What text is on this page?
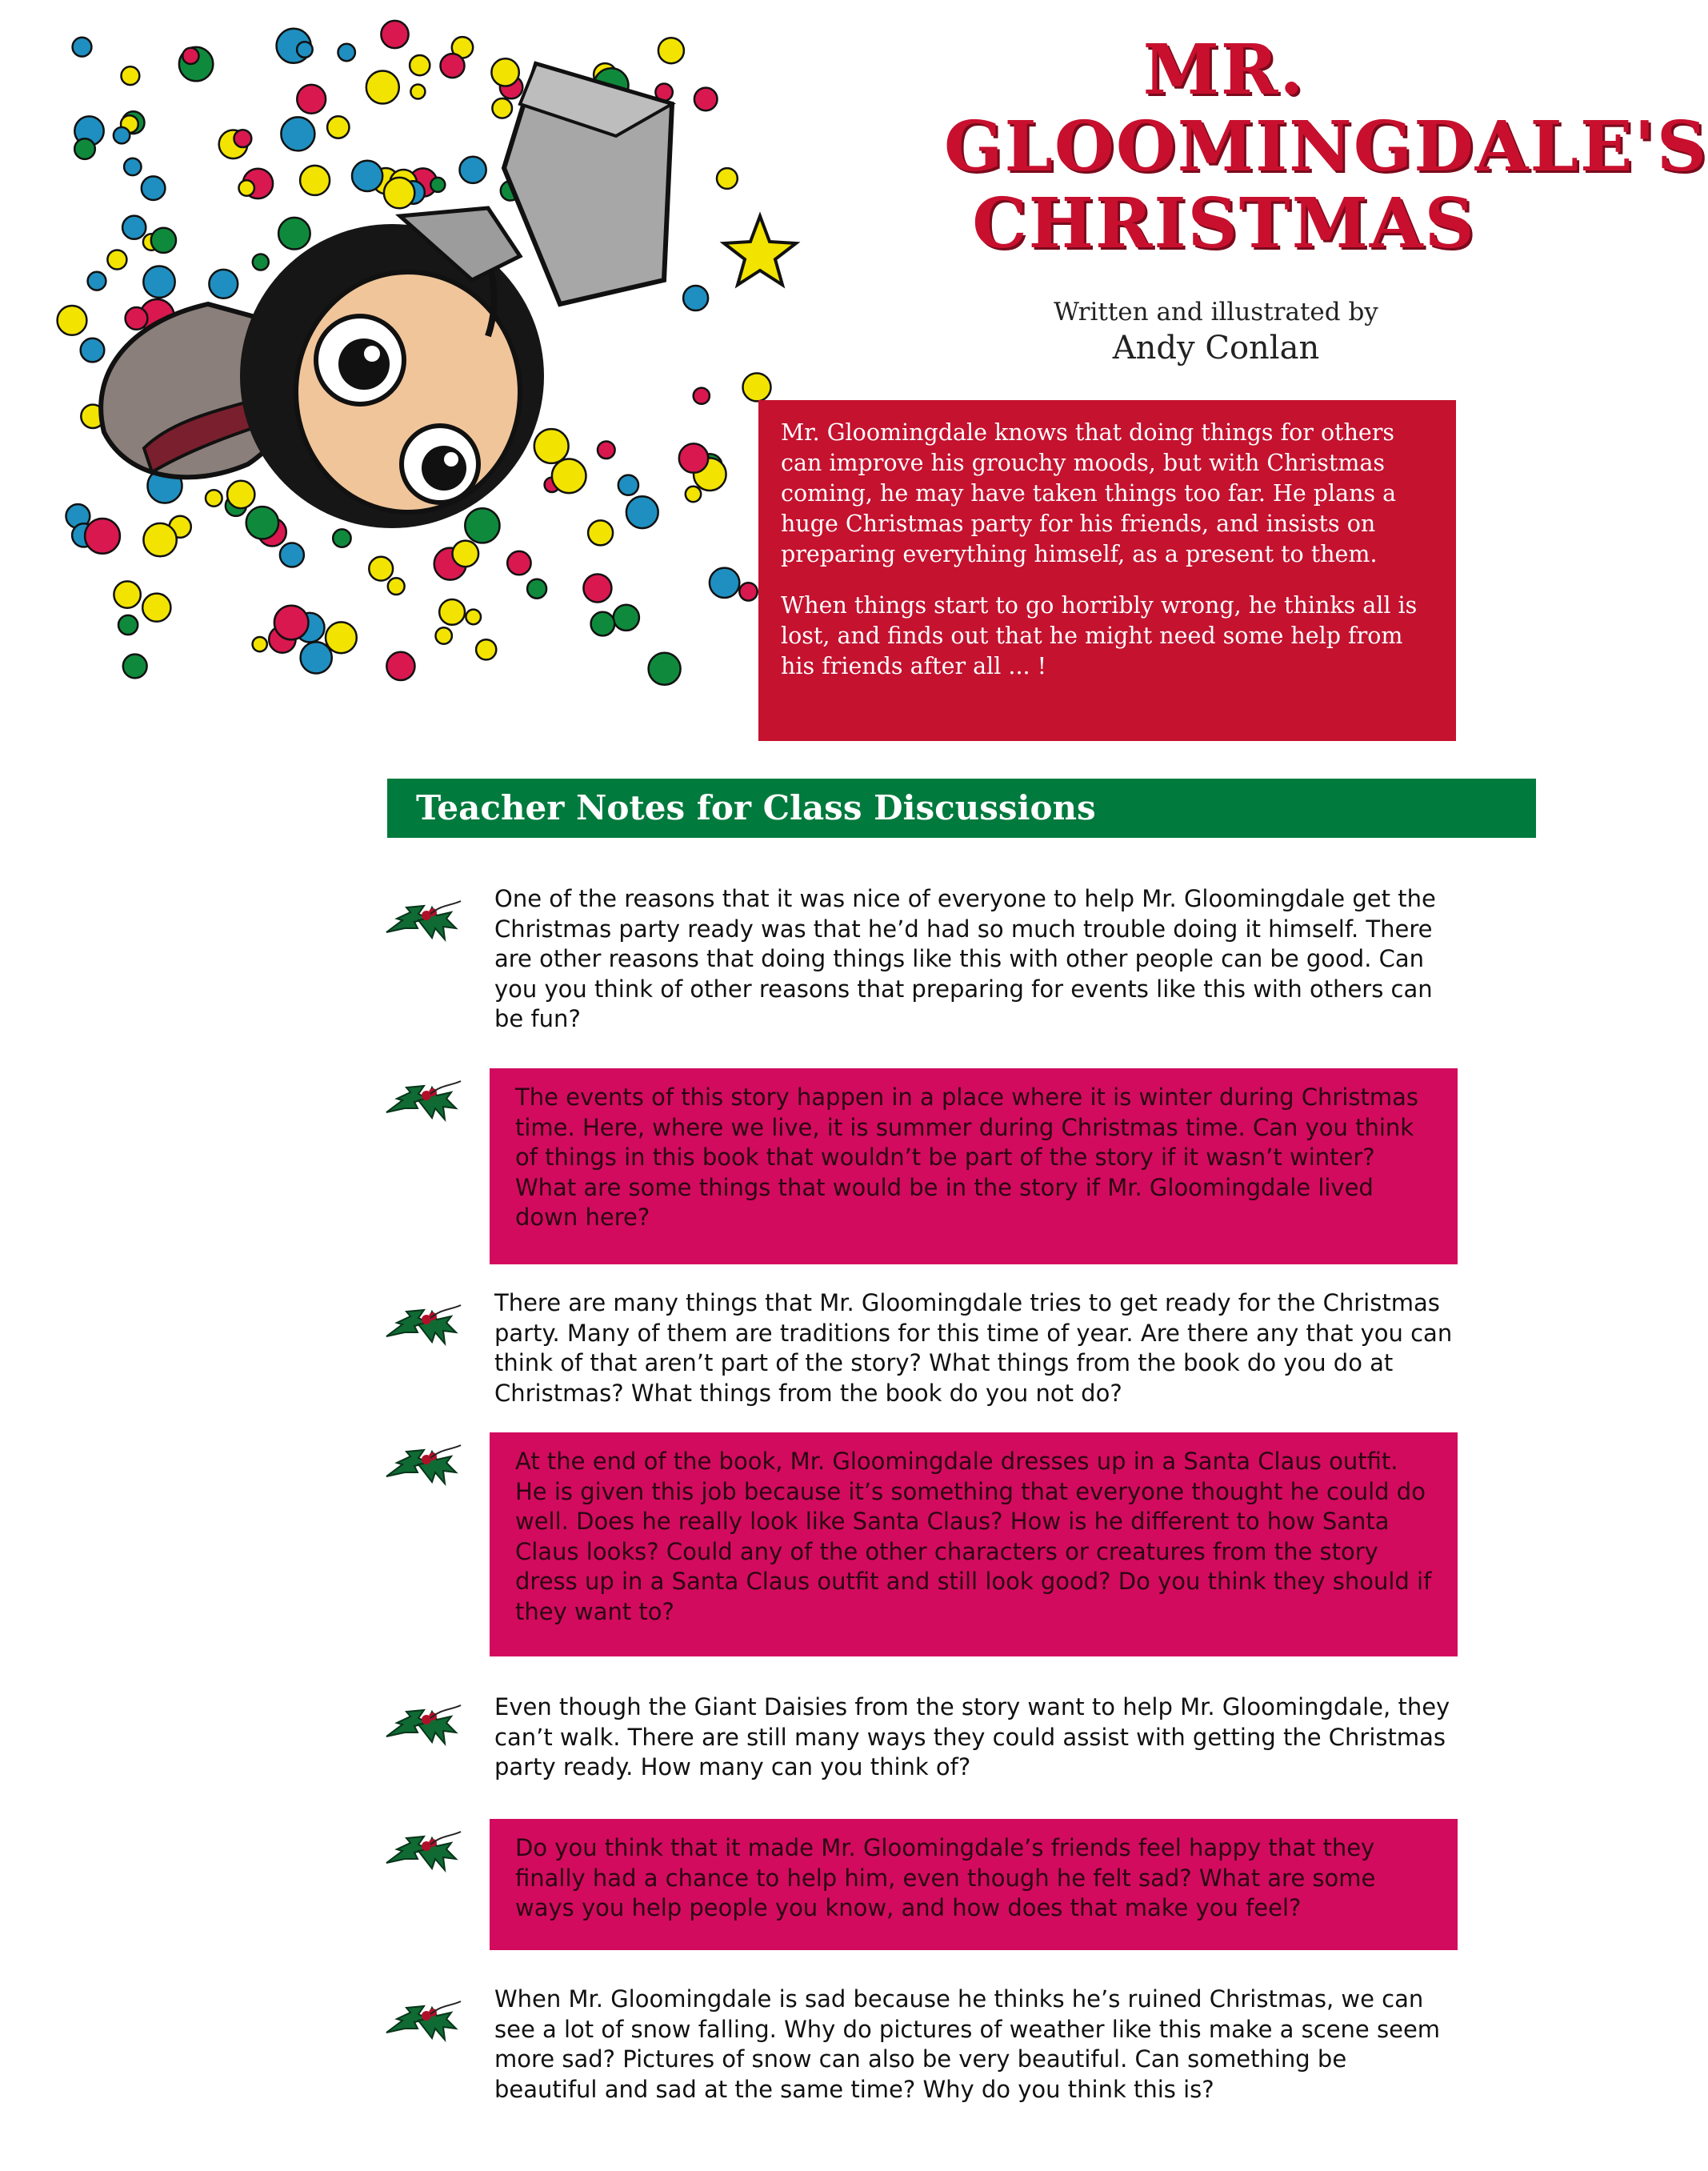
MR.
GLOOMINGDALE'S
CHRISTMAS
Written and illustrated by
Andy Conlan

Mr. Gloomingdale knows that doing things for others can improve his grouchy moods, but with Christmas coming, he may have taken things too far. He plans a huge Christmas party for his friends, and insists on preparing everything himself, as a present to them.

When things start to go horribly wrong, he thinks all is lost, and finds out that he might need some help from his friends after all ... !

Teacher Notes for Class Discussions

One of the reasons that it was nice of everyone to help Mr. Gloomingdale get the Christmas party ready was that he’d had so much trouble doing it himself. There are other reasons that doing things like this with other people can be good. Can you you think of other reasons that preparing for events like this with others can be fun?

The events of this story happen in a place where it is winter during Christmas time. Here, where we live, it is summer during Christmas time. Can you think of things in this book that wouldn’t be part of the story if it wasn’t winter? What are some things that would be in the story if Mr. Gloomingdale lived down here?

There are many things that Mr. Gloomingdale tries to get ready for the Christmas party. Many of them are traditions for this time of year. Are there any that you can think of that aren’t part of the story? What things from the book do you do at Christmas? What things from the book do you not do?

At the end of the book, Mr. Gloomingdale dresses up in a Santa Claus outfit. He is given this job because it’s something that everyone thought he could do well. Does he really look like Santa Claus? How is he different to how Santa Claus looks? Could any of the other characters or creatures from the story dress up in a Santa Claus outfit and still look good? Do you think they should if they want to?

Even though the Giant Daisies from the story want to help Mr. Gloomingdale, they can’t walk. There are still many ways they could assist with getting the Christmas party ready. How many can you think of?

Do you think that it made Mr. Gloomingdale’s friends feel happy that they finally had a chance to help him, even though he felt sad? What are some ways you help people you know, and how does that make you feel?

When Mr. Gloomingdale is sad because he thinks he’s ruined Christmas, we can see a lot of snow falling. Why do pictures of weather like this make a scene seem more sad? Pictures of snow can also be very beautiful. Can something be beautiful and sad at the same time? Why do you think this is?
